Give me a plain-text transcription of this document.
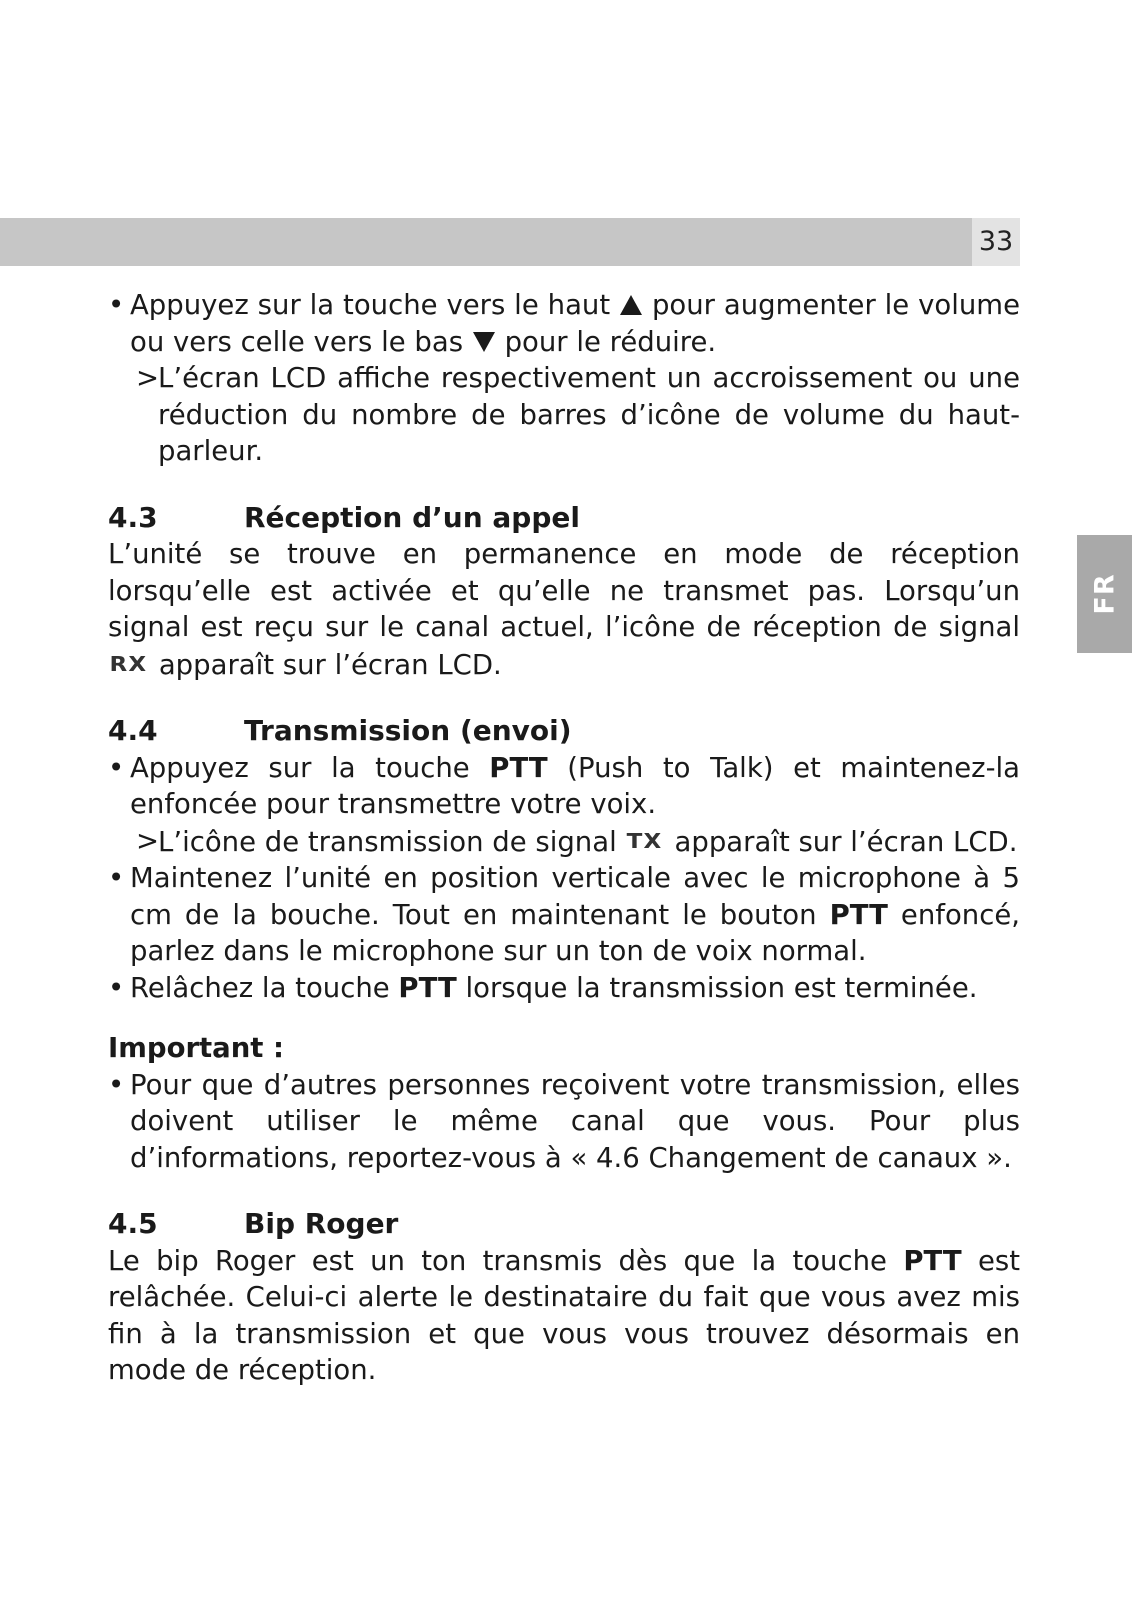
33
FR

• Appuyez sur la touche vers le haut pour augmenter le volume ou vers celle vers le bas pour le réduire.

>
L’écran LCD affiche respectivement un accroissement ou une réduction du nombre de barres d’icône de volume du haut-parleur.

4.3	Réception d’un appel

L’unité se trouve en permanence en mode de réception lorsqu’elle est activée et qu’elle ne transmet pas. Lorsqu’un signal est reçu sur le canal actuel, l’icône de réception de signal RX apparaît sur l’écran LCD.

4.4	Transmission (envoi)

• Appuyez sur la touche PTT (Push to Talk) et maintenez-la enfoncée pour transmettre votre voix.

>
L’icône de transmission de signal TX apparaît sur l’écran LCD.

• Maintenez l’unité en position verticale avec le microphone à 5 cm de la bouche. Tout en maintenant le bouton PTT enfoncé, parlez dans le microphone sur un ton de voix normal.

• Relâchez la touche PTT lorsque la transmission est terminée.

Important :

• Pour que d’autres personnes reçoivent votre transmission, elles doivent utiliser le même canal que vous. Pour plus d’informations, reportez-vous à « 4.6 Changement de canaux ».

4.5	Bip Roger

Le bip Roger est un ton transmis dès que la touche PTT est relâchée. Celui-ci alerte le destinataire du fait que vous avez mis fin à la transmission et que vous vous trouvez désormais en mode de réception.
